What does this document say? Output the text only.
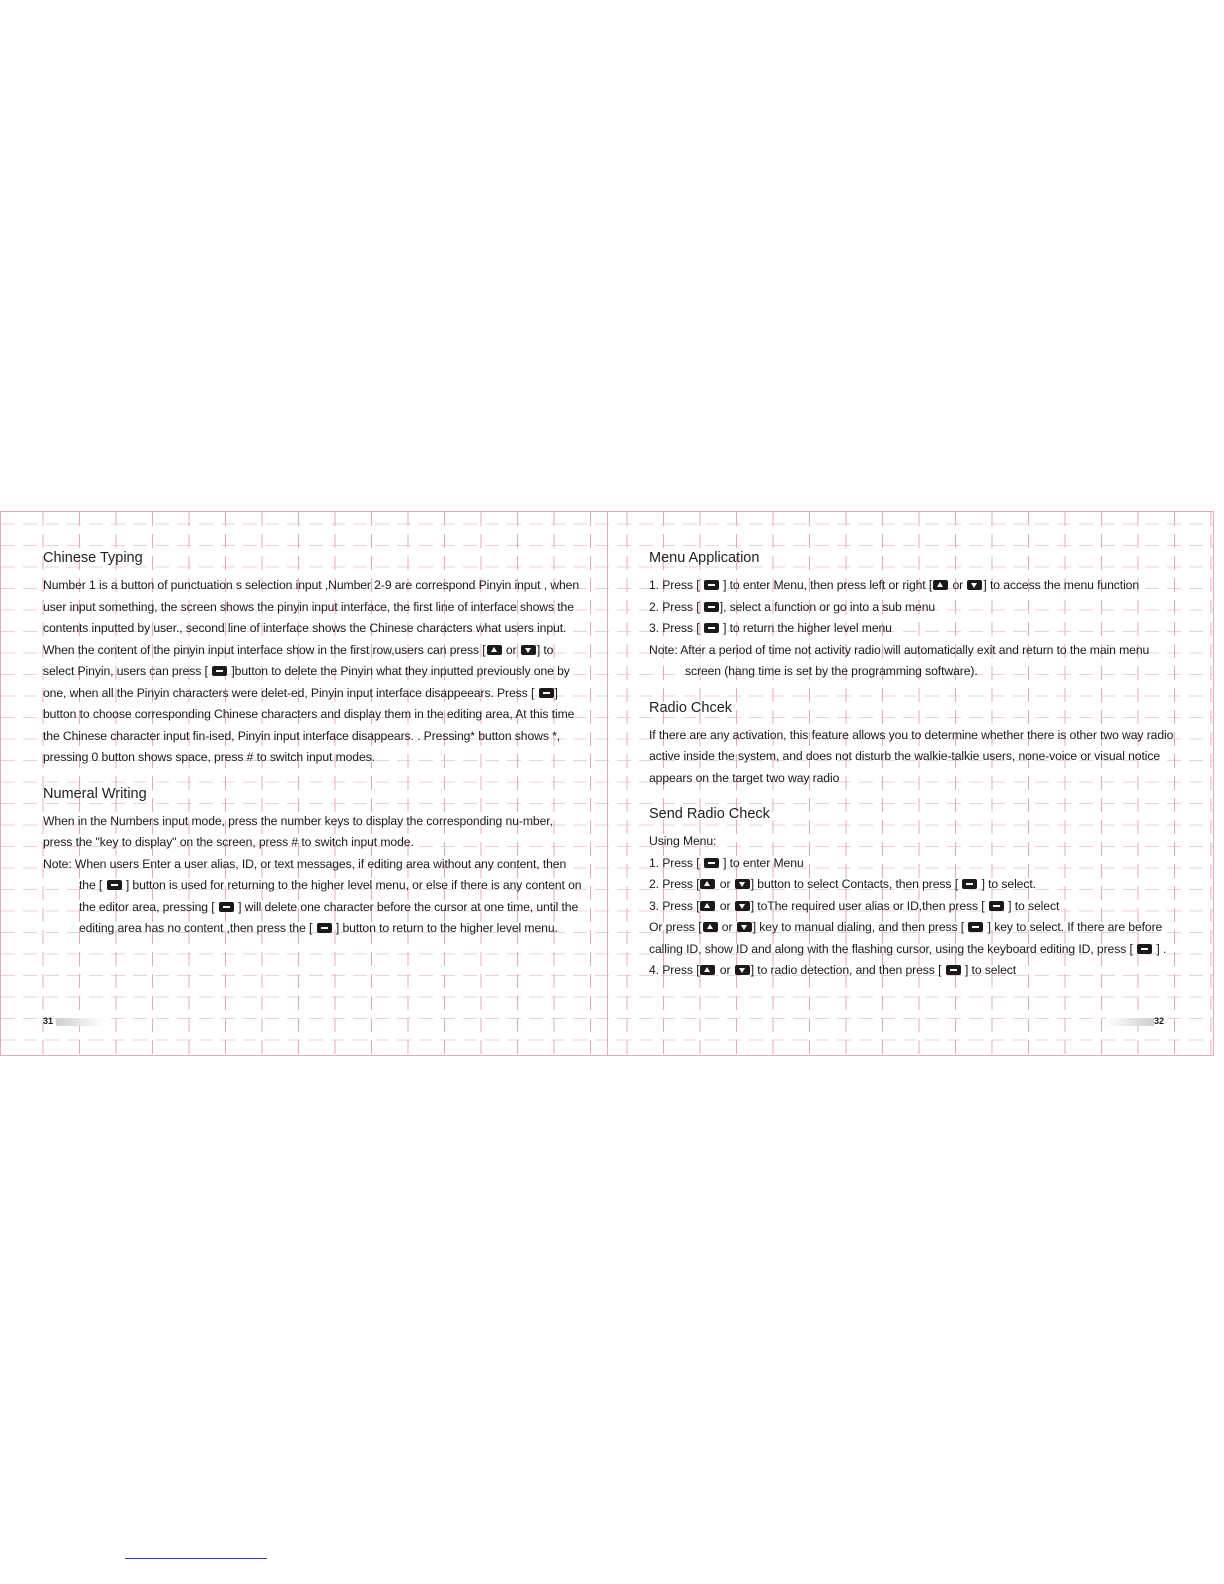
Chinese Typing

Number 1 is a button of punctuation s selection input ,Number 2-9 are correspond Pinyin input , when user input something, the screen shows the pinyin input interface, the first line of interface shows the contents inputted by user., second line of interface shows the Chinese characters what users input. When the content of the pinyin input interface show in the first row,users can press [ or ] to select Pinyin, users can press [ ]button to delete the Pinyin what they inputted previously one by one, when all the Pinyin characters were delet-ed, Pinyin input interface disappeears. Press [ ] button to choose corresponding Chinese characters and display them in the editing area, At this time the Chinese character input fin-ised, Pinyin input interface disappears. . Pressing* button shows *, pressing 0 button shows space, press # to switch input modes.

Numeral Writing

When in the Numbers input mode, press the number keys to display the corresponding nu-mber, press the "key to display" on the screen, press # to switch input mode.

Note: When users Enter a user alias, ID, or text messages, if editing area without any content, then the [ ] button is used for returning to the higher level menu, or else if there is any content on the editor area, pressing [ ] will delete one character before the cursor at one time, until the editing area has no content ,then press the [ ] button to return to the higher level menu.

31
Menu Application

1. Press [ ] to enter Menu, then press left or right [ or ] to access the menu function

2. Press [ ], select a function or go into a sub menu

3. Press [ ] to return the higher level menu

Note: After a period of time not activity radio will automatically exit and return to the main menu screen (hang time is set by the programming software).

Radio Chcek

If there are any activation, this feature allows you to determine whether there is other two way radio active inside the system, and does not disturb the walkie-talkie users, none-voice or visual notice appears on the target two way radio

Send Radio Check

Using Menu:

1. Press [ ] to enter Menu

2. Press [ or ] button to select Contacts, then press [ ] to select.

3. Press [ or ] toThe required user alias or ID,then press [ ] to select

Or press [ or ] key to manual dialing, and then press [ ] key to select. If there are before calling ID, show ID and along with the flashing cursor, using the keyboard editing ID, press [ ] .

4. Press [ or ] to radio detection, and then press [ ] to select

32
